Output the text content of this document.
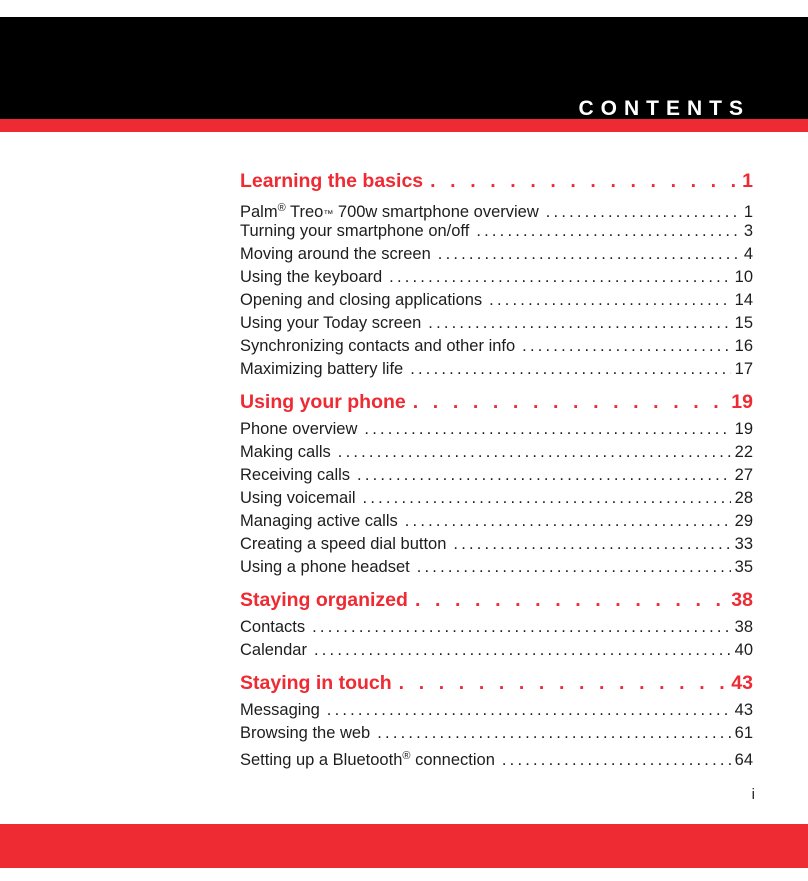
CONTENTS
Learning the basics . . .	1
Palm® Treo™ 700w smartphone overview .....	1
Turning your smartphone on/off .....	3
Moving around the screen .....	4
Using the keyboard .....	10
Opening and closing applications .....	14
Using your Today screen .....	15
Synchronizing contacts and other info .....	16
Maximizing battery life .....	17
Using your phone . . .	19
Phone overview .....	19
Making calls .....	22
Receiving calls .....	27
Using voicemail .....	28
Managing active calls .....	29
Creating a speed dial button .....	33
Using a phone headset .....	35
Staying organized . . .	38
Contacts .....	38
Calendar .....	40
Staying in touch . . .	43
Messaging .....	43
Browsing the web .....	61
Setting up a Bluetooth® connection .....	64
i
